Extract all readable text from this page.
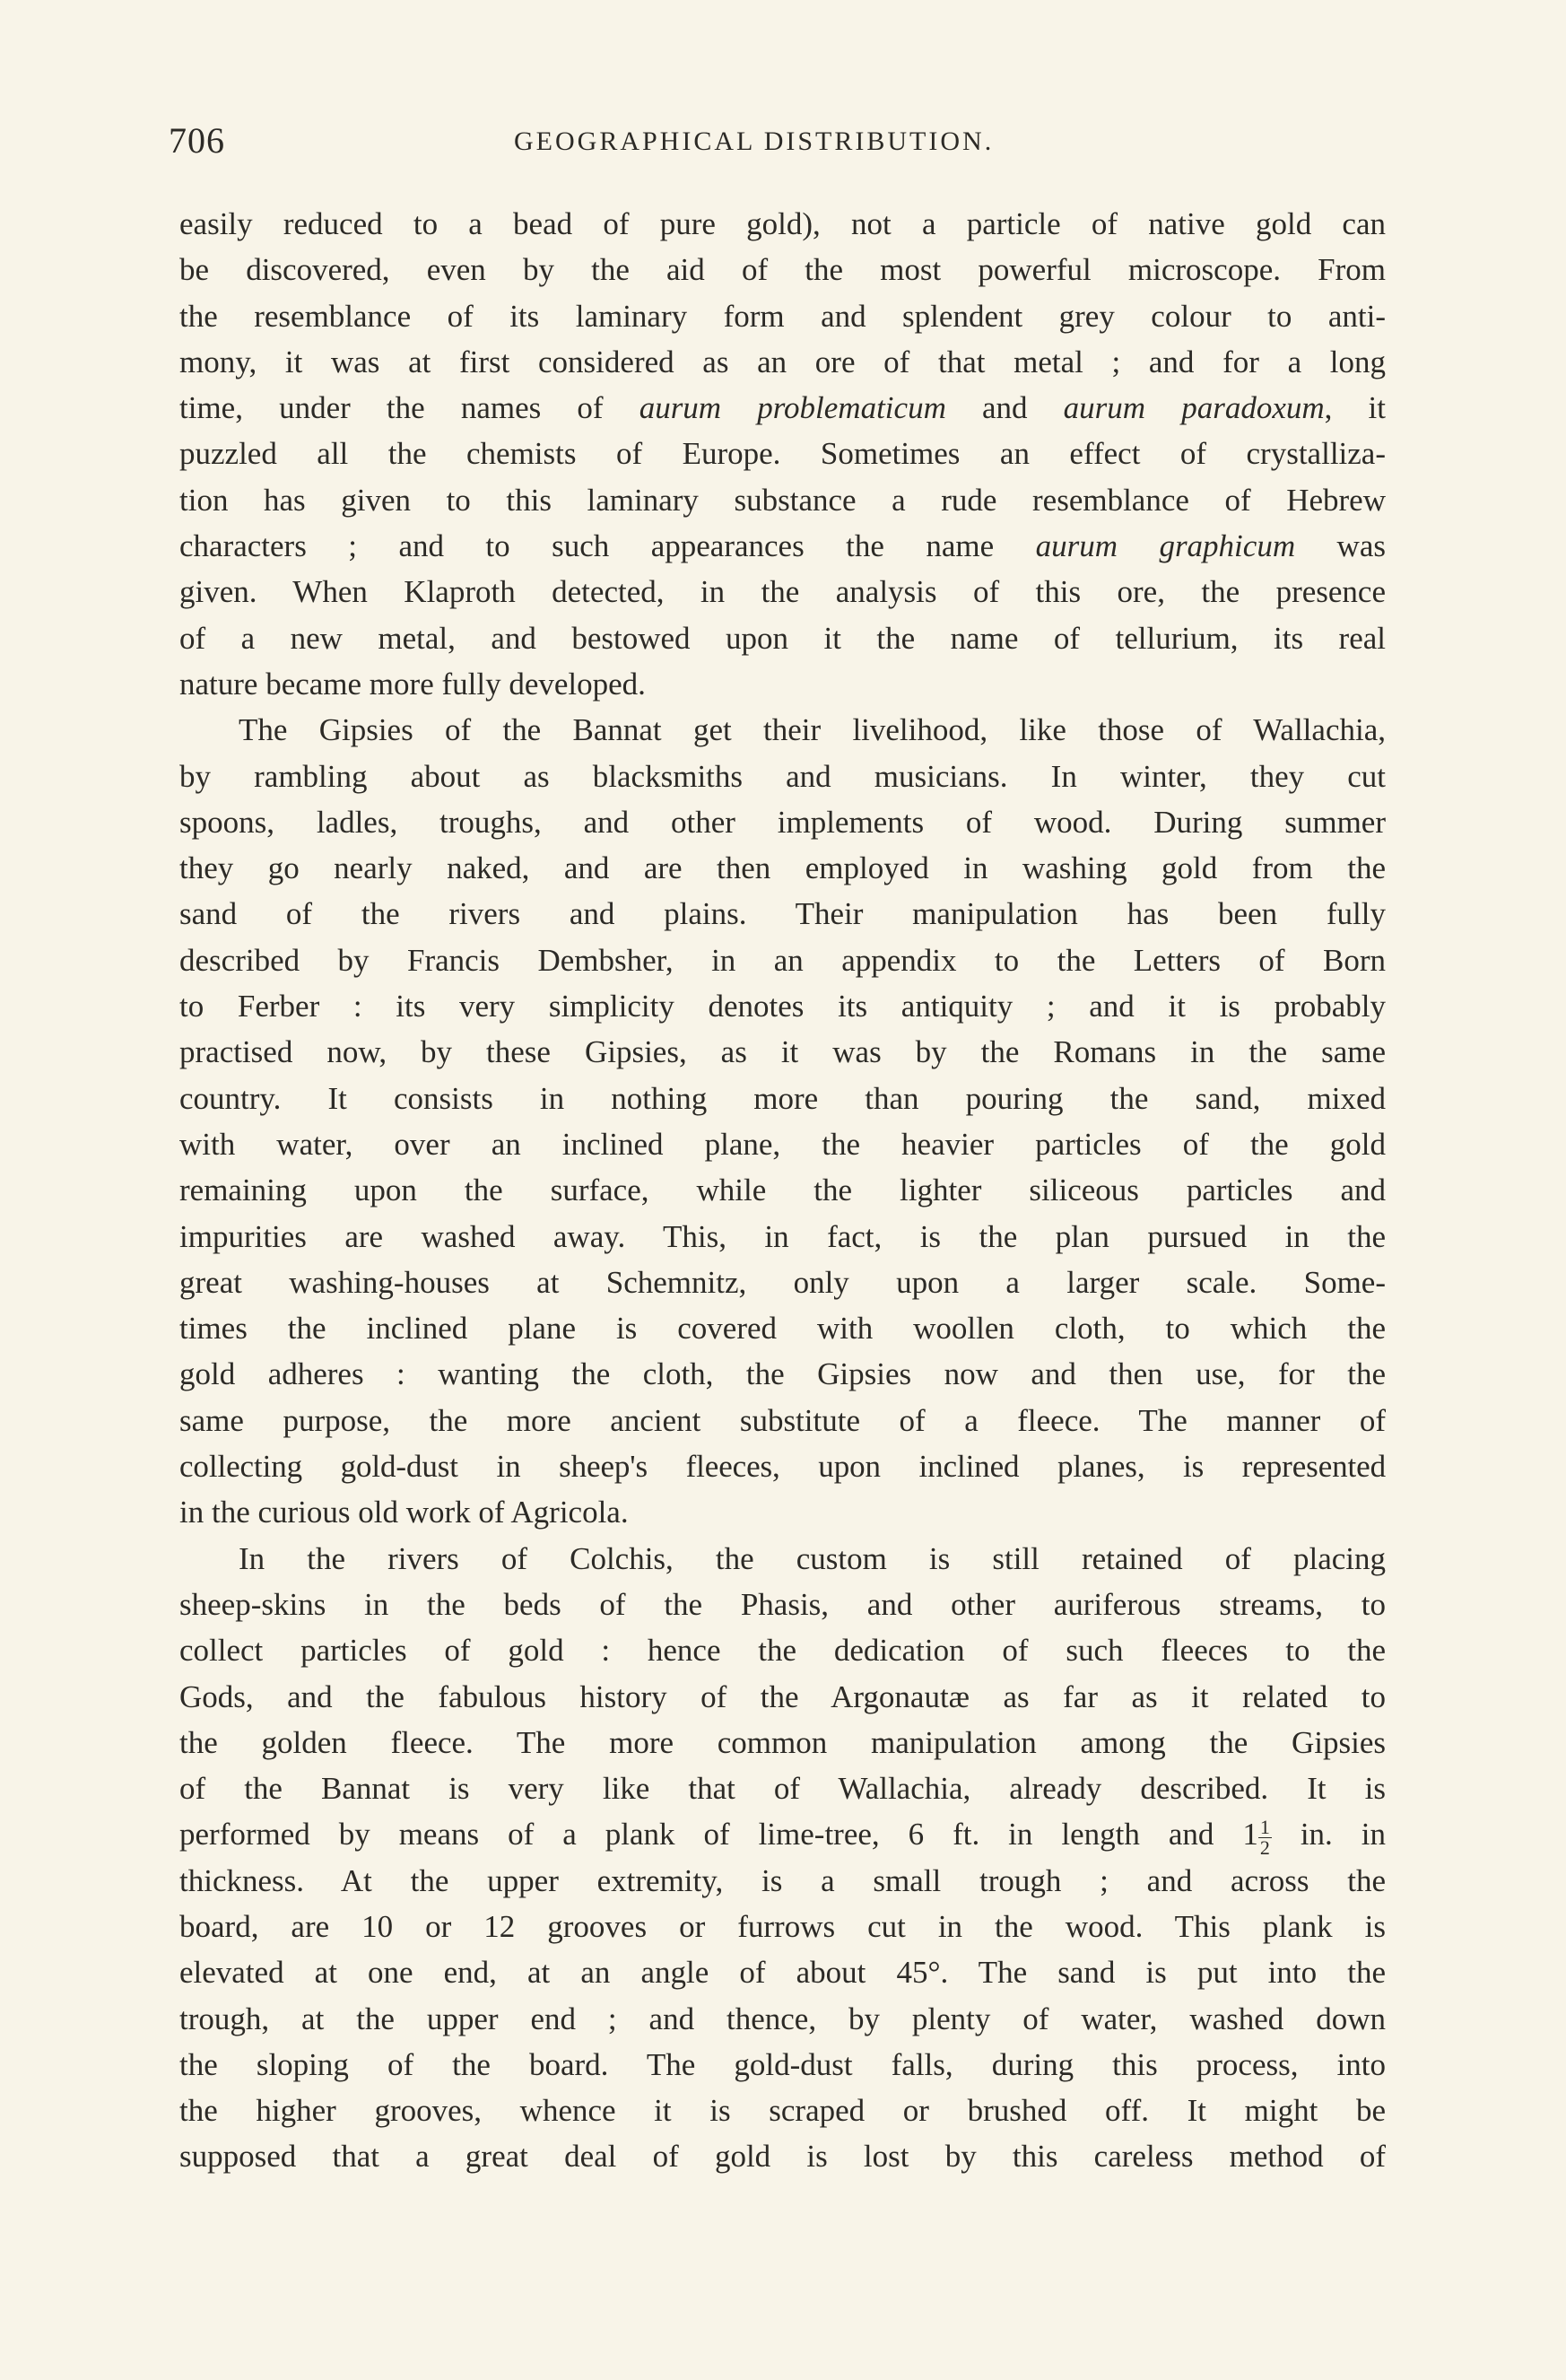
706	GEOGRAPHICAL DISTRIBUTION.
easily reduced to a bead of pure gold), not a particle of native gold can
be discovered, even by the aid of the most powerful microscope. From
the resemblance of its laminary form and splendent grey colour to anti-
mony, it was at first considered as an ore of that metal ; and for a long
time, under the names of aurum problematicum and aurum paradoxum, it
puzzled all the chemists of Europe. Sometimes an effect of crystalliza-
tion has given to this laminary substance a rude resemblance of Hebrew
characters ; and to such appearances the name aurum graphicum was
given. When Klaproth detected, in the analysis of this ore, the presence
of a new metal, and bestowed upon it the name of tellurium, its real
nature became more fully developed.
The Gipsies of the Bannat get their livelihood, like those of Wallachia,
by rambling about as blacksmiths and musicians. In winter, they cut
spoons, ladles, troughs, and other implements of wood. During summer
they go nearly naked, and are then employed in washing gold from the
sand of the rivers and plains. Their manipulation has been fully
described by Francis Dembsher, in an appendix to the Letters of Born
to Ferber : its very simplicity denotes its antiquity ; and it is probably
practised now, by these Gipsies, as it was by the Romans in the same
country. It consists in nothing more than pouring the sand, mixed
with water, over an inclined plane, the heavier particles of the gold
remaining upon the surface, while the lighter siliceous particles and
impurities are washed away. This, in fact, is the plan pursued in the
great washing-houses at Schemnitz, only upon a larger scale. Some-
times the inclined plane is covered with woollen cloth, to which the
gold adheres : wanting the cloth, the Gipsies now and then use, for the
same purpose, the more ancient substitute of a fleece. The manner of
collecting gold-dust in sheep's fleeces, upon inclined planes, is represented
in the curious old work of Agricola.
In the rivers of Colchis, the custom is still retained of placing
sheep-skins in the beds of the Phasis, and other auriferous streams, to
collect particles of gold : hence the dedication of such fleeces to the
Gods, and the fabulous history of the Argonautæ as far as it related to
the golden fleece. The more common manipulation among the Gipsies
of the Bannat is very like that of Wallachia, already described. It is
performed by means of a plank of lime-tree, 6 ft. in length and $1 \frac{1}{2}$ in. in
thickness. At the upper extremity, is a small trough ; and across the
board, are 10 or 12 grooves or furrows cut in the wood. This plank is
elevated at one end, at an angle of about 45°. The sand is put into the
trough, at the upper end ; and thence, by plenty of water, washed down
the sloping of the board. The gold-dust falls, during this process, into
the higher grooves, whence it is scraped or brushed off. It might be
supposed that a great deal of gold is lost by this careless method of
